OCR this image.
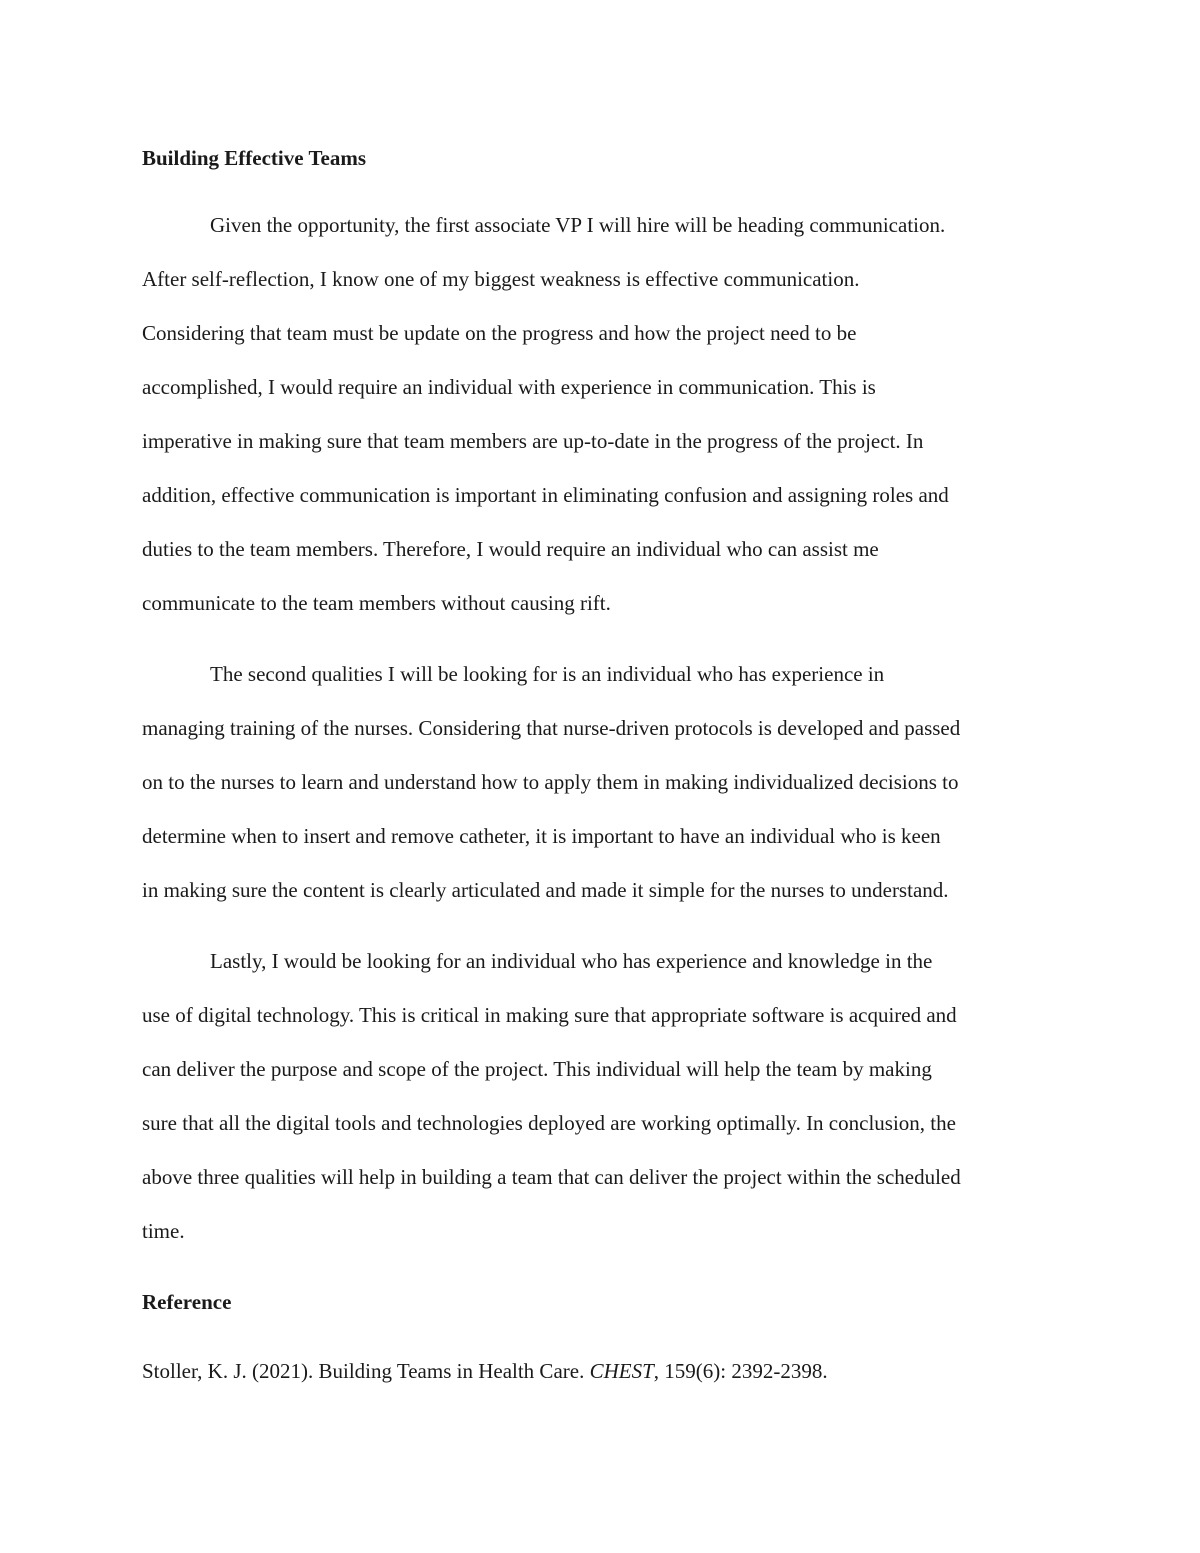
Building Effective Teams
Given the opportunity, the first associate VP I will hire will be heading communication.
After self-reflection, I know one of my biggest weakness is effective communication.
Considering that team must be update on the progress and how the project need to be
accomplished, I would require an individual with experience in communication. This is
imperative in making sure that team members are up-to-date in the progress of the project. In
addition, effective communication is important in eliminating confusion and assigning roles and
duties to the team members. Therefore, I would require an individual who can assist me
communicate to the team members without causing rift.
The second qualities I will be looking for is an individual who has experience in
managing training of the nurses. Considering that nurse-driven protocols is developed and passed
on to the nurses to learn and understand how to apply them in making individualized decisions to
determine when to insert and remove catheter, it is important to have an individual who is keen
in making sure the content is clearly articulated and made it simple for the nurses to understand.
Lastly, I would be looking for an individual who has experience and knowledge in the
use of digital technology. This is critical in making sure that appropriate software is acquired and
can deliver the purpose and scope of the project. This individual will help the team by making
sure that all the digital tools and technologies deployed are working optimally. In conclusion, the
above three qualities will help in building a team that can deliver the project within the scheduled
time.
Reference
Stoller, K. J. (2021). Building Teams in Health Care. CHEST, 159(6): 2392-2398.
